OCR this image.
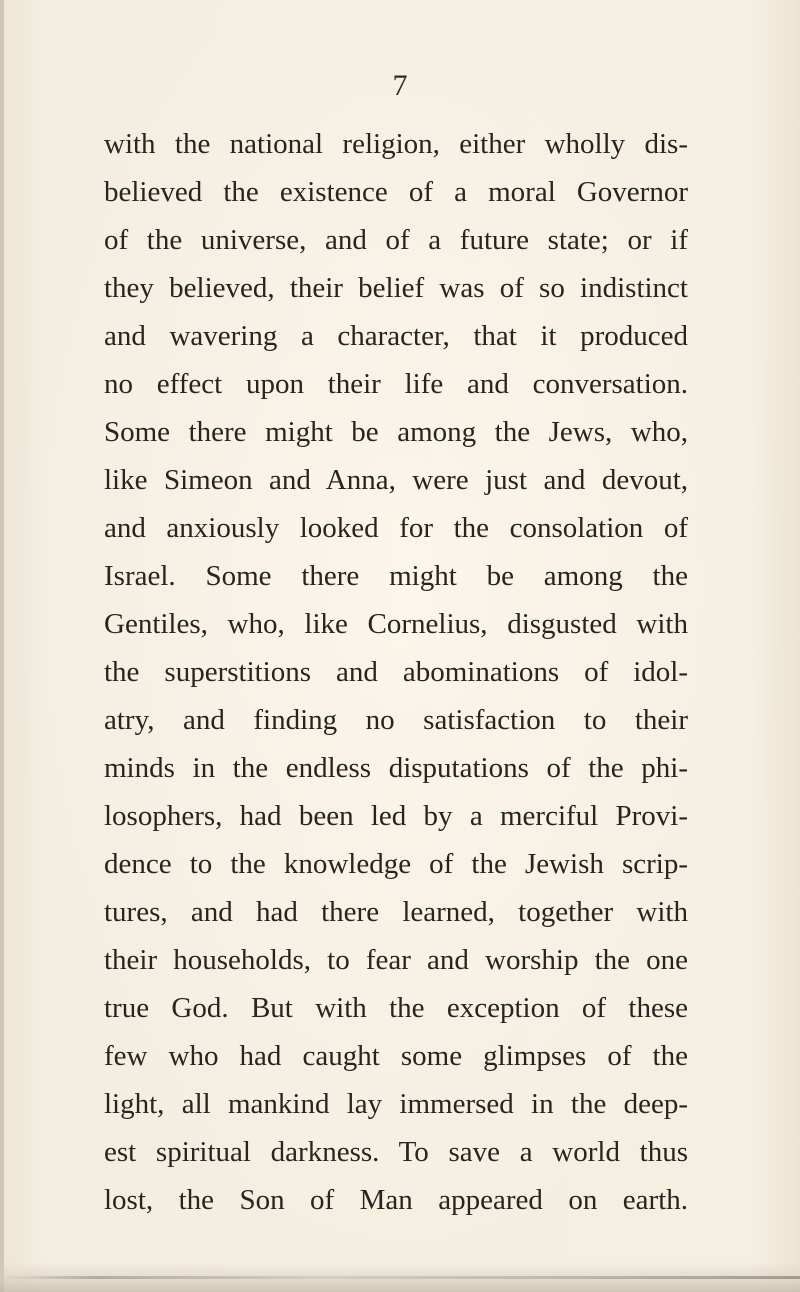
7
with the national religion, either wholly dis-
believed the existence of a moral Governor
of the universe, and of a future state; or if
they believed, their belief was of so indistinct
and wavering a character, that it produced
no effect upon their life and conversation.
Some there might be among the Jews, who,
like Simeon and Anna, were just and devout,
and anxiously looked for the consolation of
Israel. Some there might be among the
Gentiles, who, like Cornelius, disgusted with
the superstitions and abominations of idol-
atry, and finding no satisfaction to their
minds in the endless disputations of the phi-
losophers, had been led by a merciful Provi-
dence to the knowledge of the Jewish scrip-
tures, and had there learned, together with
their households, to fear and worship the one
true God. But with the exception of these
few who had caught some glimpses of the
light, all mankind lay immersed in the deep-
est spiritual darkness. To save a world thus
lost, the Son of Man appeared on earth.
